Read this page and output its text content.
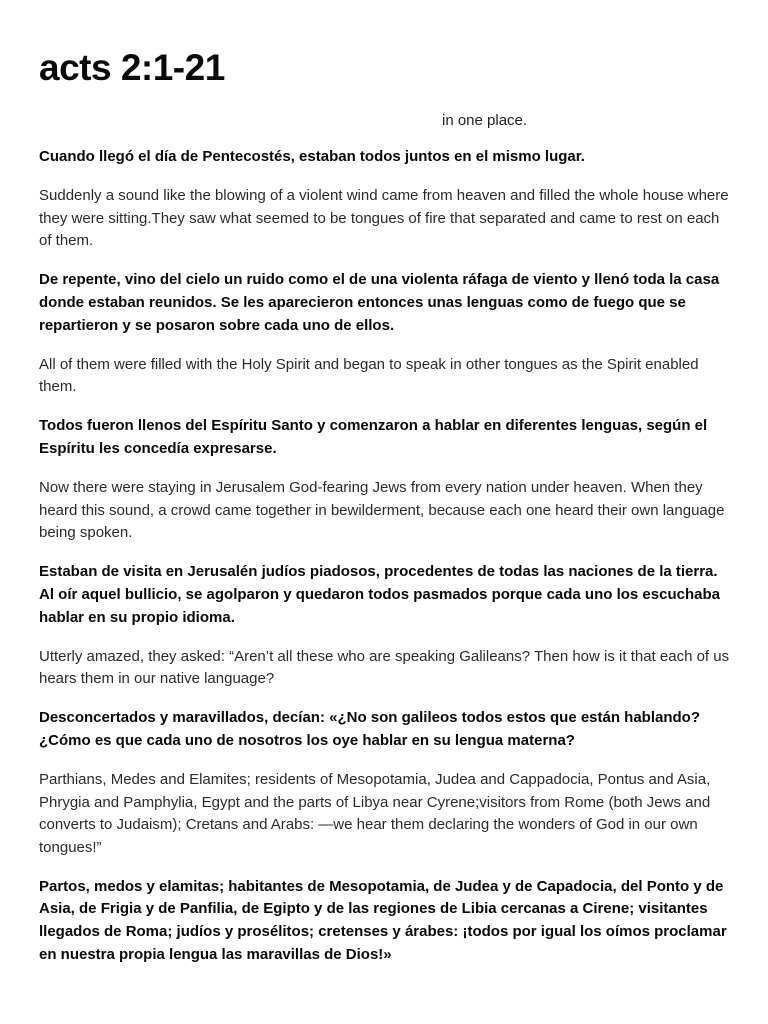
acts 2:1-21
in one place.

Cuando llegó el día de Pentecostés, estaban todos juntos en el mismo lugar.

Suddenly a sound like the blowing of a violent wind came from heaven and filled the whole house where they were sitting.They saw what seemed to be tongues of fire that separated and came to rest on each of them.

De repente, vino del cielo un ruido como el de una violenta ráfaga de viento y llenó toda la casa donde estaban reunidos. Se les aparecieron entonces unas lenguas como de fuego que se repartieron y se posaron sobre cada uno de ellos.

All of them were filled with the Holy Spirit and began to speak in other tongues as the Spirit enabled them.

Todos fueron llenos del Espíritu Santo y comenzaron a hablar en diferentes lenguas, según el Espíritu les concedía expresarse.

Now there were staying in Jerusalem God-fearing Jews from every nation under heaven. When they heard this sound, a crowd came together in bewilderment, because each one heard their own language being spoken.

Estaban de visita en Jerusalén judíos piadosos, procedentes de todas las naciones de la tierra. Al oír aquel bullicio, se agolparon y quedaron todos pasmados porque cada uno los escuchaba hablar en su propio idioma.

Utterly amazed, they asked: “Aren’t all these who are speaking Galileans? Then how is it that each of us hears them in our native language?

Desconcertados y maravillados, decían: «¿No son galileos todos estos que están hablando? ¿Cómo es que cada uno de nosotros los oye hablar en su lengua materna?

Parthians, Medes and Elamites; residents of Mesopotamia, Judea and Cappadocia, Pontus and Asia, Phrygia and Pamphylia, Egypt and the parts of Libya near Cyrene;visitors from Rome (both Jews and converts to Judaism); Cretans and Arabs: —we hear them declaring the wonders of God in our own tongues!”

Partos, medos y elamitas; habitantes de Mesopotamia, de Judea y de Capadocia, del Ponto y de Asia, de Frigia y de Panfilia, de Egipto y de las regiones de Libia cercanas a Cirene; visitantes llegados de Roma; judíos y prosélitos; cretenses y árabes: ¡todos por igual los oímos proclamar en nuestra propia lengua las maravillas de Dios!»
